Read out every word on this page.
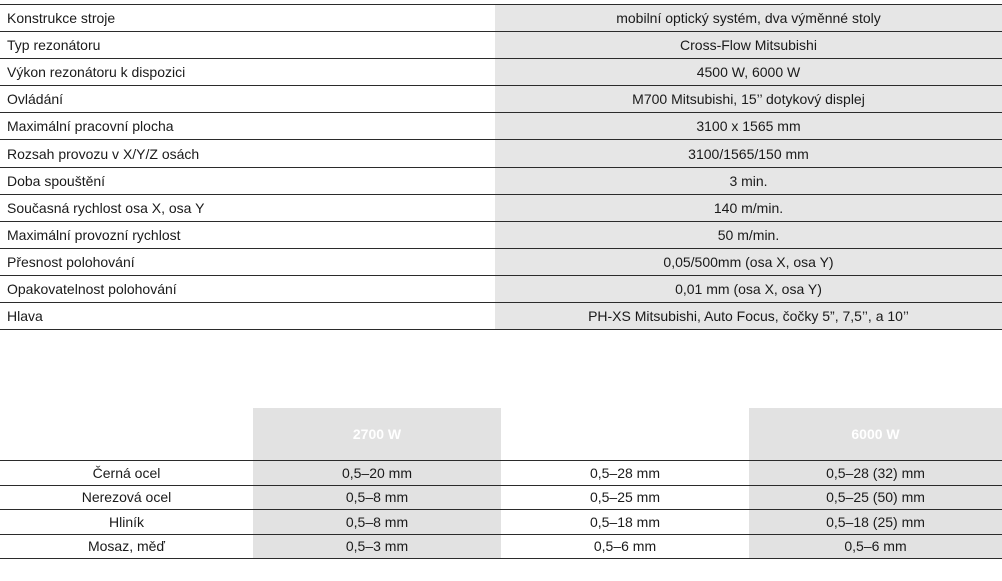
Konstrukce stroje	mobilní optický systém, dva výměnné stoly
Typ rezonátoru	Cross-Flow Mitsubishi
Výkon rezonátoru k dispozici	4500 W, 6000 W
Ovládání	M700 Mitsubishi, 15’’ dotykový displej
Maximální pracovní plocha	3100 x 1565 mm
Rozsah provozu v X/Y/Z osách	3100/1565/150 mm
Doba spouštění	3 min.
Současná rychlost osa X, osa Y	140 m/min.
Maximální provozní rychlost	50 m/min.
Přesnost polohování	0,05/500mm (osa X, osa Y)
Opakovatelnost polohování	0,01 mm (osa X, osa Y)
Hlava	PH-XS Mitsubishi, Auto Focus, čočky 5”, 7,5’’, a 10’’
ROZSAH ŘEZÁNÍ	2700 W	4500 W	6000 W
Černá ocel	0,5–20 mm	0,5–28 mm	0,5–28 (32) mm
Nerezová ocel	0,5–8 mm	0,5–25 mm	0,5–25 (50) mm
Hliník	0,5–8 mm	0,5–18 mm	0,5–18 (25) mm
Mosaz, měď	0,5–3 mm	0,5–6 mm	0,5–6 mm
